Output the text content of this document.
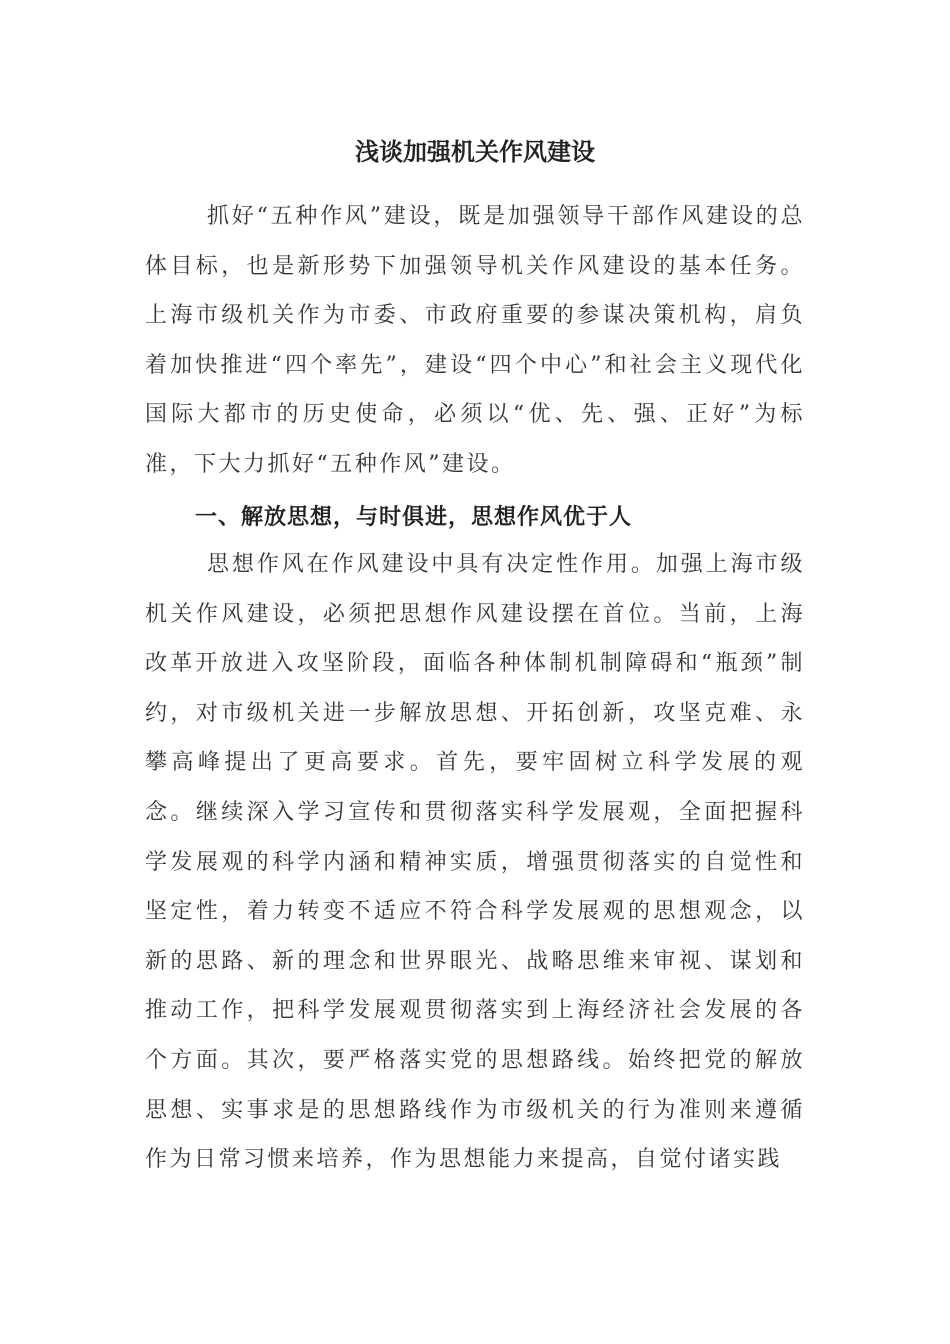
浅谈加强机关作风建设

抓好“五种作风”建设，既是加强领导干部作风建设的总体目标，也是新形势下加强领导机关作风建设的基本任务。上海市级机关作为市委、市政府重要的参谋决策机构，肩负着加快推进“四个率先”，建设“四个中心”和社会主义现代化国际大都市的历史使命，必须以“优、先、强、正好”为标准，下大力抓好“五种作风”建设。

一、解放思想，与时俱进，思想作风优于人

思想作风在作风建设中具有决定性作用。加强上海市级机关作风建设，必须把思想作风建设摆在首位。当前，上海改革开放进入攻坚阶段，面临各种体制机制障碍和“瓶颈”制约，对市级机关进一步解放思想、开拓创新，攻坚克难、永攀高峰提出了更高要求。首先，要牢固树立科学发展的观念。继续深入学习宣传和贯彻落实科学发展观，全面把握科学发展观的科学内涵和精神实质，增强贯彻落实的自觉性和坚定性，着力转变不适应不符合科学发展观的思想观念，以新的思路、新的理念和世界眼光、战略思维来审视、谋划和推动工作，把科学发展观贯彻落实到上海经济社会发展的各个方面。其次，要严格落实党的思想路线。始终把党的解放思想、实事求是的思想路线作为市级机关的行为准则来遵循作为日常习惯来培养，作为思想能力来提高，自觉付诸实践
